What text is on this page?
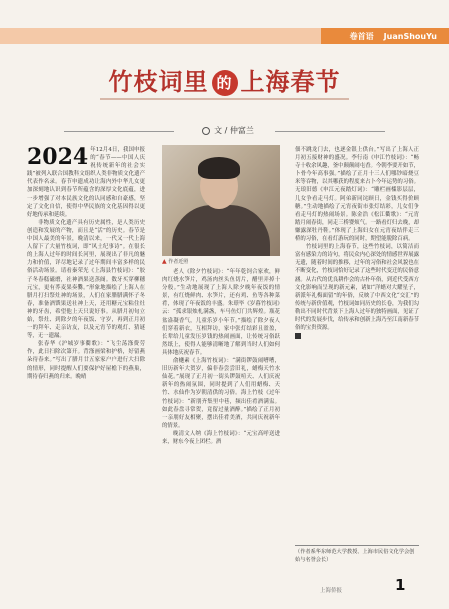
卷首语 JuanShouYu
竹枝词里 的 上海春节
文 / 仲富兰
2024 年12月4日，我国申报的“春节——中国人庆祝传统新年的社会实践”被列入联合国教科文组织人类非物质文化遗产代表作名录。春节申遗成功让海内外中华儿女更加深刻地认识到春节所蕴含的深厚文化底蕴，进一步增强了对本民族文化的认同感和自豪感，坚定了文化自信，使得中华民族的文化基因得以更好地传承和延续。

非物质文化遗产具有历史属性，是人类历史创造和发展的产物，而且是“活”的历史。春节是中国人最美的年景，晚清以来，一代又一代上海人留下了大量竹枝词，即“风土纪事诗”。在很长的上海人过年的时间长河里，展现出了非凡的魅力和价值，详尽地记录了过年期间丰富多样的民俗活动场景。请看秦荣光《上海县竹枝词》：“胶子冬春糕磁磨，社神酒果送蒸阍。数牙买穿柳穗元宝，更有荞麦果奏爨。”形象地描绘了上海人在腊月打扫祭灶神的场景，人们在家腊腊满怀子冬春，准备酒馔果送社神上天，还用糖元宝粘住灶神的牙齿，希望他上天只说好事。从腊月初旬立始，祭灶、到除夕的年夜饭、守岁，再到正月初一的拜年、走亲访友，以及元宵节的观灯、猜谜等，无一遗漏。

张春华《沪城岁事衢歌》：“飞尘荡涤费劳作，此日扫除次第开。背涤画梁和护格，好留燕朵待春来。”写出了腊月廿五家家户户进行大扫除的情形，同时提醒人们要保护好屋檐下的燕巢，期待春归燕的归来。晚晴

▲ 作者近照

老人《除夕竹枝词》：“年年乾饲合家欢，鲜肉红烧水笋片，鸡汤肉丝头鱼切片，醋里弄掉十分般。”生动地展现了上海人除夕晚年夜饭的情景，有红烧鲜肉、水笋片，还有鸡、鱼等各种菜肴，体现了年夜饭的丰盛。朱璟毕《岁暮竹枝词》云：“孤求银烛札满盏，车马鱼灯门共辉煌。瓶花盆盎凝香气，儿童乐岁小年节。”描绘了除夕夜人们穿着新衣，互相拜访，家中张灯结彩且盈盈，长辈给儿童发压岁钱的热闹画面，让传统习俗跃然纸上，使得人能够清晰地了解到当时人们如何具体地庆祝春节。

俞樾素《上海竹枝词》：“满街锣鼓闹嘈嘈，旧历新年大贺岁，偏非春尝尝旧礼，蜡梅天竹水仙花。”展现了正月初一街头锣鼓喧天、人们庆祝新年的热闹氛围，同时提到了人们用蜡梅、天竹、水仙作为岁朝清供的习俗。海上竹枝《过年竹枝词》：“新朋齐集里中巷，频出佳肴酒满盅。如此春盘寻常贺，竟留过量酒醉。”描绘了正月初一亲朋好友相聚，摆出佳肴美酒，共同庆祝新年的情景。

晚清文人纳《海上竹枝词》：“元宝高呼送进来，财东今夜上团栏。酒

佃不跳龙门去，也逐金银上供台。”写出了上海人正月初五接财神的盛况。李行南《申江竹枝词》：“畅寺十收余风趣，釜中颠颠闹屯香。今朝李要开如节，卜骨今年高事强。”描绘了正月十三人们哪钞暗烧豆米等吞物，以其哪获的程度来占卜今年运势的习俗。无琅旧德《申江元夜踏灯词》：“雕栏画槛影层层，儿女争看走马灯。阿弟新同诧顾日，金钱买得价顾糖。”生动地描绘了元宵夜街市张灯结彩，儿女们争看走马灯的热闹场景。陈金浩《松江衢歌》：“元宵踏月闹春街，同走三桥婴烦气。一路看灯归去晚，却嫌露深牡丹鞋。”体现了上海妇女在元宵夜结伴走三桥的习俗，在看灯游玩的同时，期望能脱除百病。

竹枝词里的上海春节，这些竹枝词，以简洁而富有感染力的诗句，将民众内心深处的情感世界展露无遗，随着时间的推移，过年的习俗和社会风貌也在不断变化，竹枝词恰好记录了这些时代变迁的民俗意涵。从古代的优良耕作会的古朴年俗，到近代受西方文化影响而呈现的新元素，诸如“洋蜡对大耀星子，新派年礼梅面留”的年俗，反映了中西文化“交汇”的传统与新价值观，竹枝词如同历史的长卷，为我们勾勒出不同时代背景下上海人过年的独特画面，见证了时代的发展步伐，给传承和创新上海乃至江南新春节俗的宝贵资源。

（作者系华东师范大学教授、上海市民俗文化学会创始与名誉会长）
上海侨报	1
